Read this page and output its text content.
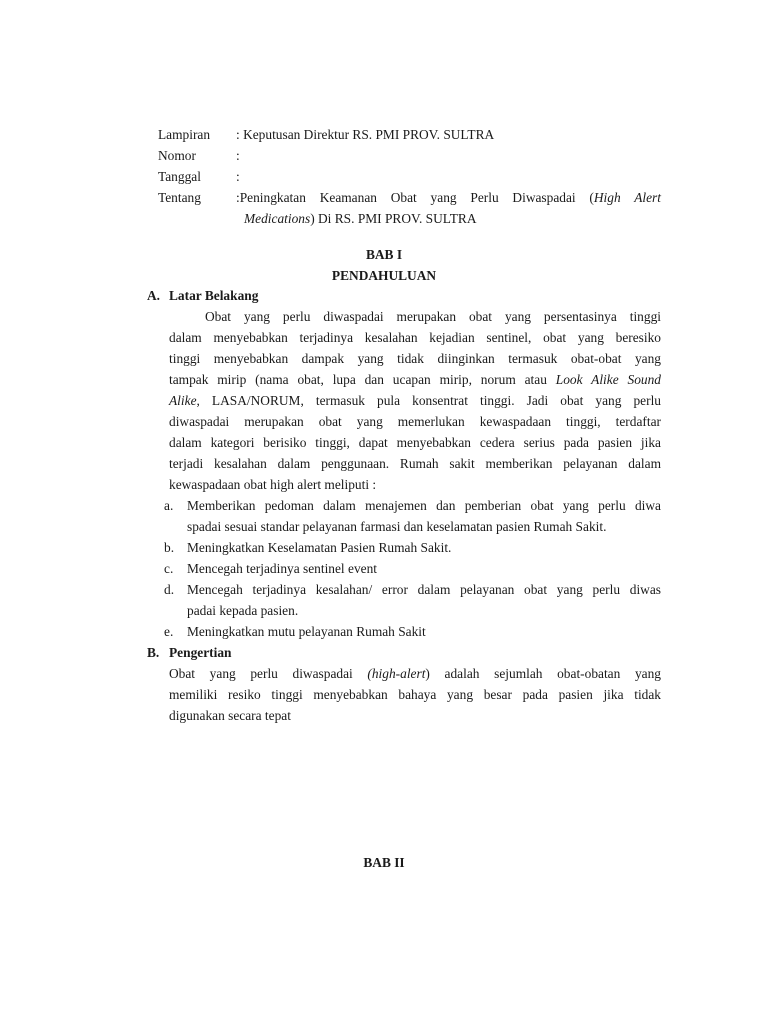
Lampiran	: Keputusan Direktur RS. PMI PROV. SULTRA
Nomor	:
Tanggal	:
Tentang	:Peningkatan Keamanan Obat yang Perlu Diwaspadai (High Alert
Medications) Di RS. PMI PROV. SULTRA
BAB I
PENDAHULUAN
A. Latar Belakang
Obat yang perlu diwaspadai merupakan obat yang persentasinya tinggi
dalam menyebabkan terjadinya kesalahan kejadian sentinel, obat yang beresiko
tinggi menyebabkan dampak yang tidak diinginkan termasuk obat-obat yang
tampak mirip (nama obat, lupa dan ucapan mirip, norum atau Look Alike Sound
Alike, LASA/NORUM, termasuk pula konsentrat tinggi. Jadi obat yang perlu
diwaspadai merupakan obat yang memerlukan kewaspadaan tinggi, terdaftar
dalam kategori berisiko tinggi, dapat menyebabkan cedera serius pada pasien jika
terjadi kesalahan dalam penggunaan. Rumah sakit memberikan pelayanan dalam
kewaspadaan obat high alert meliputi :
a.	Memberikan pedoman dalam menajemen dan pemberian obat yang perlu diwa
spadai sesuai standar pelayanan farmasi dan keselamatan pasien Rumah Sakit.
b. Meningkatkan Keselamatan Pasien Rumah Sakit.
c.	Mencegah terjadinya sentinel event
d. Mencegah terjadinya kesalahan/ error dalam pelayanan obat yang perlu diwas
padai kepada pasien.
e.	Meningkatkan mutu pelayanan Rumah Sakit
B. Pengertian
Obat yang perlu diwaspadai (high-alert) adalah sejumlah obat-obatan yang
memiliki resiko tinggi menyebabkan bahaya yang besar pada pasien jika tidak
digunakan secara tepat
BAB II
